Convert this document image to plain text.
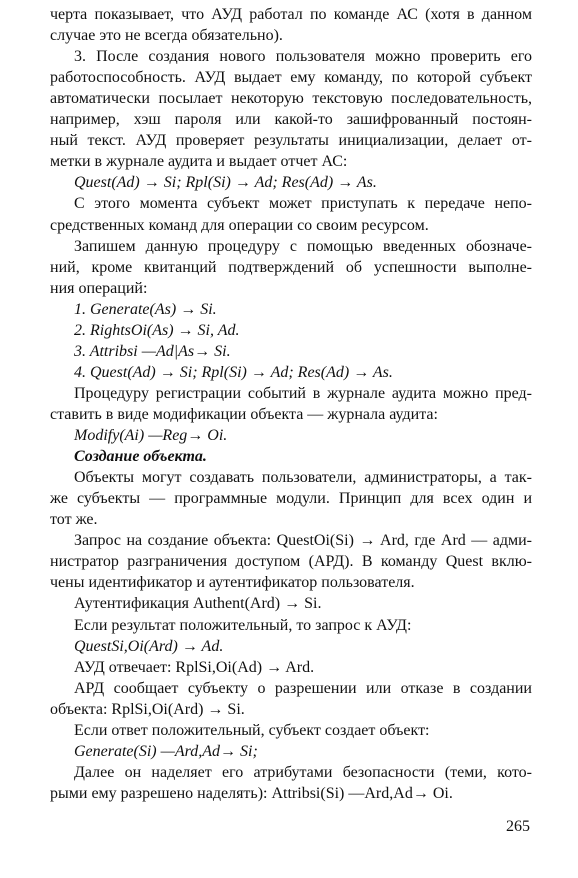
черта показывает, что АУД работал по команде АС (хотя в данном
случае это не всегда обязательно).
3. После создания нового пользователя можно проверить его
работоспособность. АУД выдает ему команду, по которой субъект
автоматически посылает некоторую текстовую последовательность,
например, хэш пароля или какой-то зашифрованный постоян-
ный текст. АУД проверяет результаты инициализации, делает от-
метки в журнале аудита и выдает отчет АС:
Quest(Ad) → Si; Rpl(Si) → Ad; Res(Ad) → As.
С этого момента субъект может приступать к передаче непо-
средственных команд для операции со своим ресурсом.
Запишем данную процедуру с помощью введенных обозначе-
ний, кроме квитанций подтверждений об успешности выполне-
ния операций:
1. Generate(As) → Si.
2. RightsOi(As) → Si, Ad.
3. Attribsi —Ad|As→ Si.
4. Quest(Ad) → Si; Rpl(Si) → Ad; Res(Ad) → As.
Процедуру регистрации событий в журнале аудита можно пред-
ставить в виде модификации объекта — журнала аудита:
Modify(Ai) —Reg→ Oi.
Создание объекта.
Объекты могут создавать пользователи, администраторы, а так-
же субъекты — программные модули. Принцип для всех один и
тот же.
Запрос на создание объекта: QuestOi(Si) → Ard, где Ard — адми-
нистратор разграничения доступом (АРД). В команду Quest вклю-
чены идентификатор и аутентификатор пользователя.
Аутентификация Authent(Ard) → Si.
Если результат положительный, то запрос к АУД:
QuestSi,Oi(Ard) → Ad.
АУД отвечает: RplSi,Oi(Ad) → Ard.
АРД сообщает субъекту о разрешении или отказе в создании
объекта: RplSi,Oi(Ard) → Si.
Если ответ положительный, субъект создает объект:
Generate(Si) —Ard,Ad→ Si;
Далее он наделяет его атрибутами безопасности (теми, кото-
рыми ему разрешено наделять): Attribsi(Si) —Ard,Ad→ Oi.
265
